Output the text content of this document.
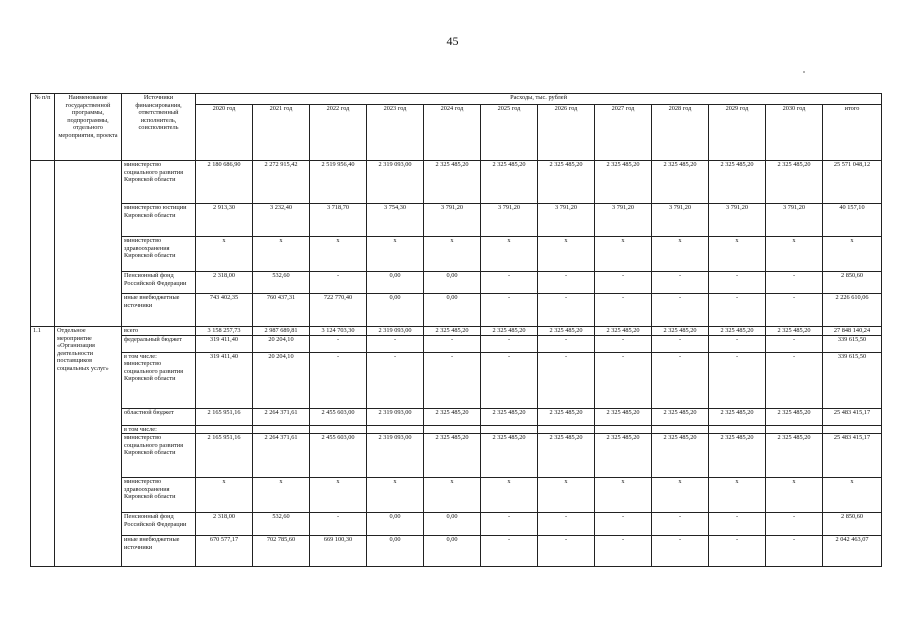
45
№ п/п	Наименование государственной программы, подпрограммы, отдельного мероприятия, проекта	Источники финансирования, ответственный исполнитель, соисполнитель	Расходы, тыс. рублей											
			2020 год	2021 год	2022 год	2023 год	2024 год	2025 год	2026 год	2027 год	2028 год	2029 год	2030 год	итого
		министерство социального развития Кировской области	2 180 686,90	2 272 915,42	2 519 956,40	2 319 093,00	2 325 485,20	2 325 485,20	2 325 485,20	2 325 485,20	2 325 485,20	2 325 485,20	2 325 485,20	25 571 048,12
		министерство юстиции Кировской области	2 913,30	3 232,40	3 718,70	3 754,30	3 791,20	3 791,20	3 791,20	3 791,20	3 791,20	3 791,20	3 791,20	40 157,10
		министерство здравоохранения Кировской области	х	х	х	х	х	х	х	х	х	х	х	х
		Пенсионный фонд Российской Федерации	2 318,00	532,60	-	0,00	0,00	-	-	-	-	-	-	2 850,60
		иные внебюджетные источники	743 402,35	760 437,31	722 770,40	0,00	0,00	-	-	-	-	-	-	2 226 610,06
1.1	Отдельное мероприятие «Организация деятельности поставщиков социальных услуг»	всего	3 158 257,73	2 987 689,81	3 124 703,30	2 319 093,00	2 325 485,20	2 325 485,20	2 325 485,20	2 325 485,20	2 325 485,20	2 325 485,20	2 325 485,20	27 848 140,24
		федеральный бюджет	319 411,40	20 204,10	-	-	-	-	-	-	-	-	-	339 615,50
		в том числе: министерство социального развития Кировской области	319 411,40	20 204,10	-	-	-	-	-	-	-	-	-	339 615,50
		областной бюджет	2 165 951,16	2 264 371,61	2 455 603,00	2 319 093,00	2 325 485,20	2 325 485,20	2 325 485,20	2 325 485,20	2 325 485,20	2 325 485,20	2 325 485,20	25 483 415,17
		в том числе:												
		министерство социального развития Кировской области	2 165 951,16	2 264 371,61	2 455 603,00	2 319 093,00	2 325 485,20	2 325 485,20	2 325 485,20	2 325 485,20	2 325 485,20	2 325 485,20	2 325 485,20	25 483 415,17
		министерство здравоохранения Кировской области	х	х	х	х	х	х	х	х	х	х	х	х
		Пенсионный фонд Российской Федерации	2 318,00	532,60	-	0,00	0,00	-	-	-	-	-	-	2 850,60
		иные внебюджетные источники	670 577,17	702 785,60	669 100,30	0,00	0,00	-	-	-	-	-	-	2 042 463,07
